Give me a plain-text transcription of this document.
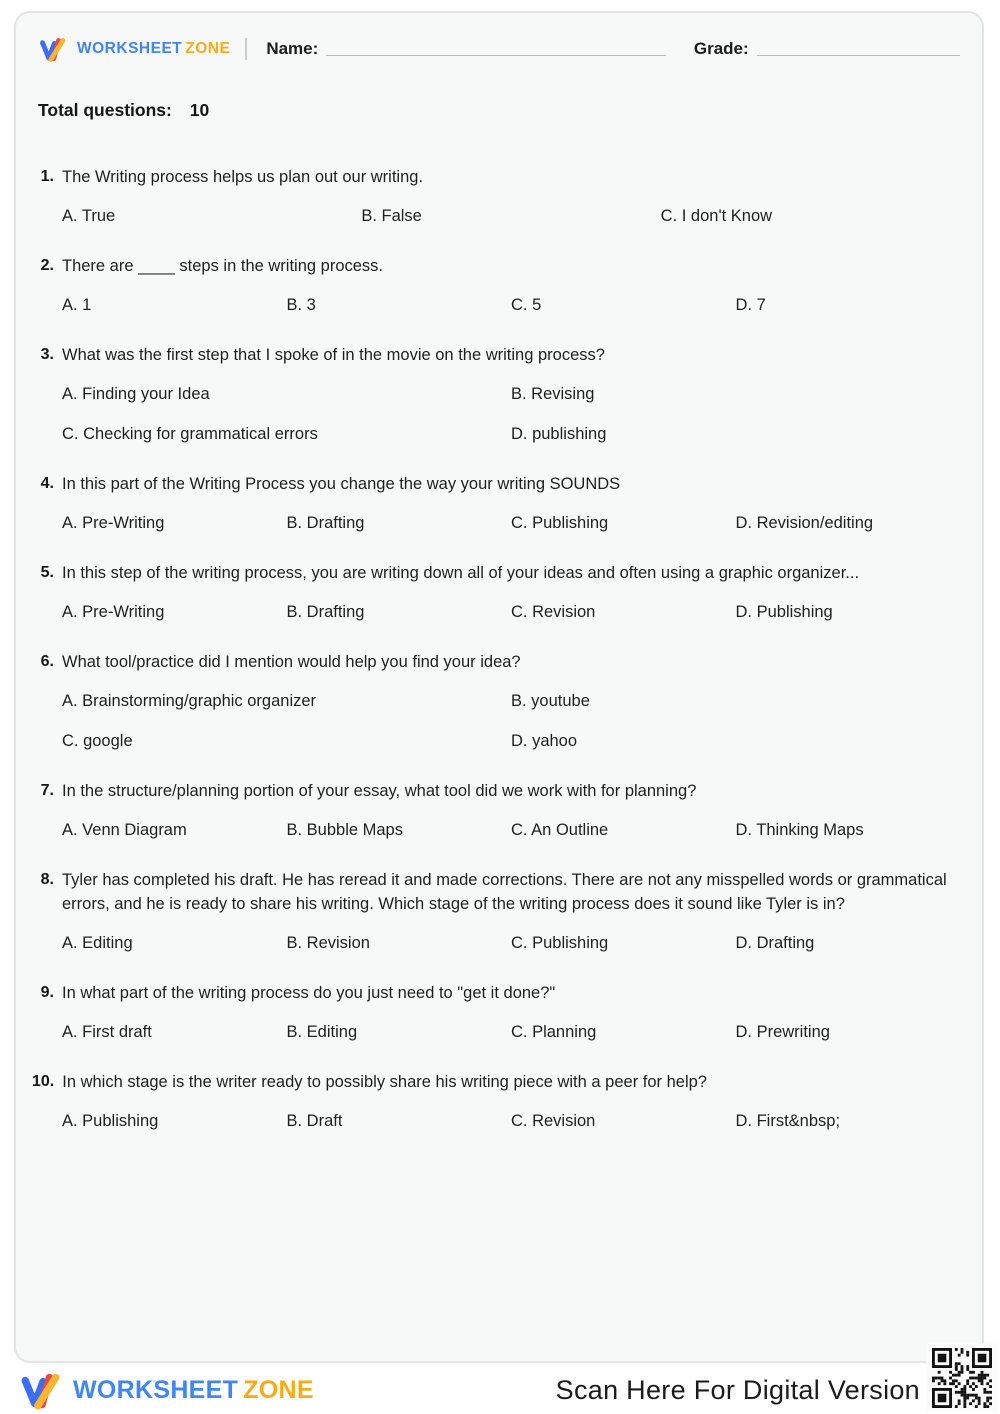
WORKSHEET ZONE Name:	Grade:
Total questions: 10
1. The Writing process helps us plan out our writing.
A. True	B. False	C. I don't Know
2. There are ____ steps in the writing process.
A. 1	B. 3	C. 5	D. 7
3. What was the first step that I spoke of in the movie on the writing process?
A. Finding your Idea	B. Revising
C. Checking for grammatical errors	D. publishing
4. In this part of the Writing Process you change the way your writing SOUNDS
A. Pre-Writing	B. Drafting	C. Publishing	D. Revision/editing
5. In this step of the writing process, you are writing down all of your ideas and often using a graphic organizer...
A. Pre-Writing	B. Drafting	C. Revision	D. Publishing
6. What tool/practice did I mention would help you find your idea?
A. Brainstorming/graphic organizer	B. youtube
C. google	D. yahoo
7. In the structure/planning portion of your essay, what tool did we work with for planning?
A. Venn Diagram	B. Bubble Maps	C. An Outline	D. Thinking Maps
8. Tyler has completed his draft. He has reread it and made corrections. There are not any misspelled words or grammatical errors, and he is ready to share his writing. Which stage of the writing process does it sound like Tyler is in?
A. Editing	B. Revision	C. Publishing	D. Drafting
9. In what part of the writing process do you just need to "get it done?"
A. First draft	B. Editing	C. Planning	D. Prewriting
10. In which stage is the writer ready to possibly share his writing piece with a peer for help?
A. Publishing	B. Draft	C. Revision	D. First&nbsp;
WORKSHEET ZONE	Scan Here For Digital Version
